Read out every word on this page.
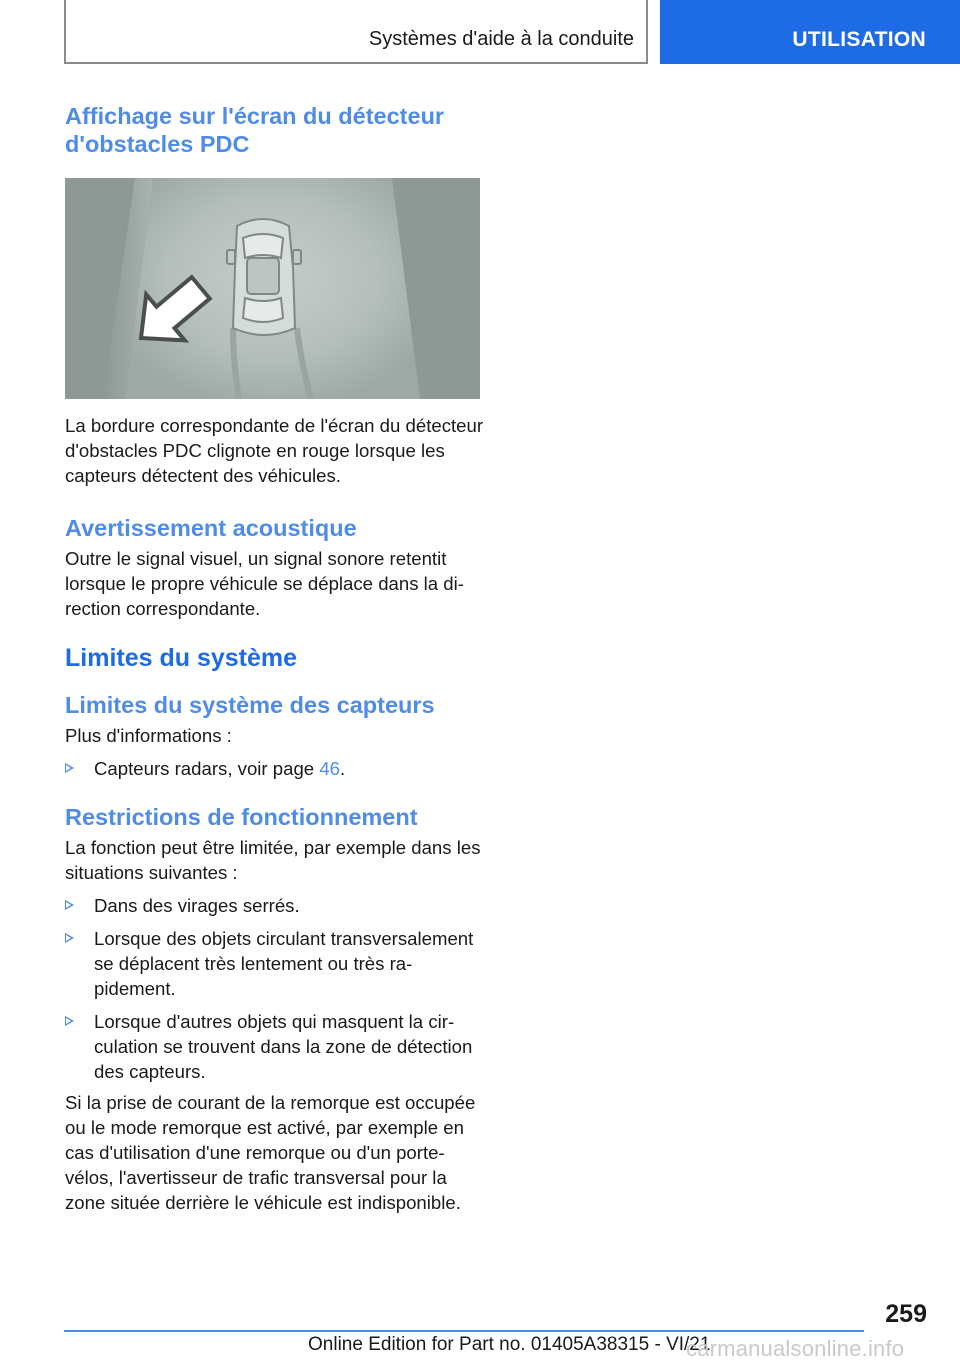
Systèmes d'aide à la conduite	UTILISATION
Affichage sur l'écran du détecteur d'obstacles PDC

La bordure correspondante de l'écran du détecteur d'obstacles PDC clignote en rouge lorsque les capteurs détectent des véhicules.

Avertissement acoustique

Outre le signal visuel, un signal sonore retentit lorsque le propre véhicule se déplace dans la direction correspondante.

Limites du système
Limites du système des capteurs

Plus d'informations :

Capteurs radars, voir page 46.
Restrictions de fonctionnement

La fonction peut être limitée, par exemple dans les situations suivantes :

Dans des virages serrés.
Lorsque des objets circulant transversalement se déplacent très lentement ou très rapidement.
Lorsque d'autres objets qui masquent la circulation se trouvent dans la zone de détection des capteurs.

Si la prise de courant de la remorque est occupée ou le mode remorque est activé, par exemple en cas d'utilisation d'une remorque ou d'un porte-vélos, l'avertisseur de trafic transversal pour la zone située derrière le véhicule est indisponible.

259
Online Edition for Part no. 01405A38315 - VI/21
carmanualsonline.info
